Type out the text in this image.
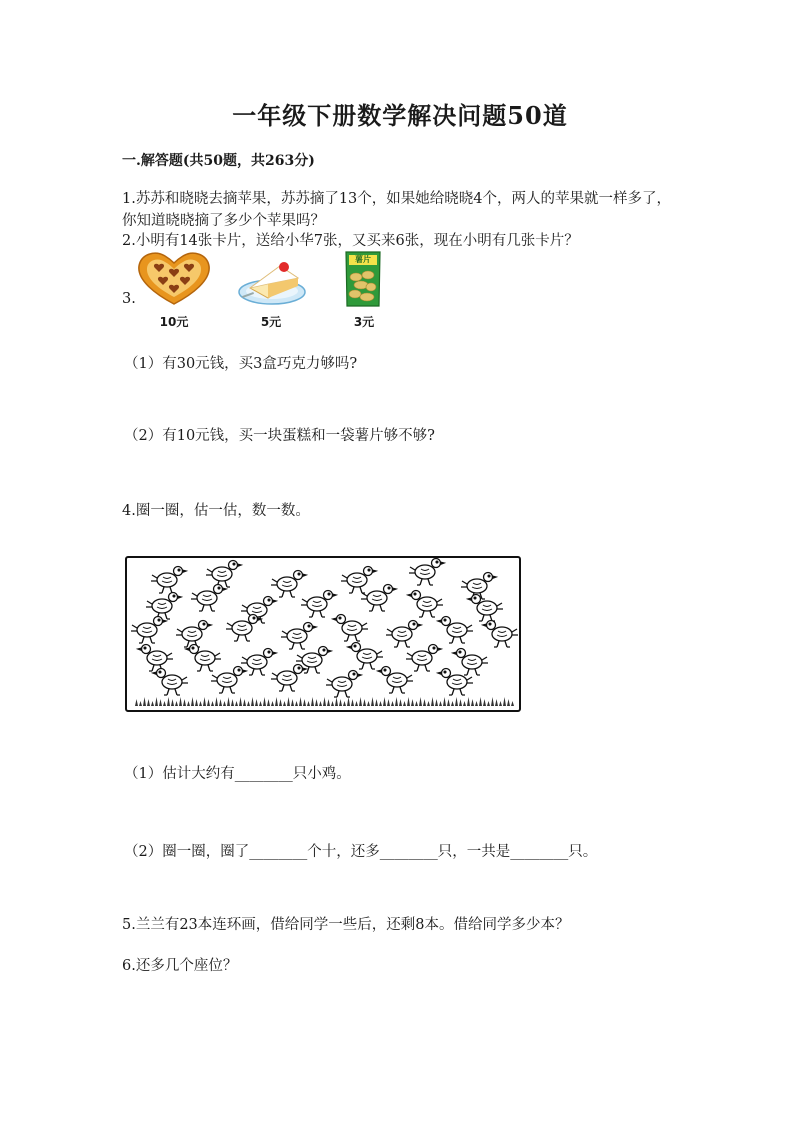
一年级下册数学解决问题50道
一.解答题(共50题，共263分)
1.苏苏和晓晓去摘苹果，苏苏摘了13个，如果她给晓晓4个，两人的苹果就一样多了，你知道晓晓摘了多少个苹果吗？
2.小明有14张卡片，送给小华7张，又买来6张，现在小明有几张卡片？
3.
10元	5元
薯片
3元
（1）有30元钱，买3盒巧克力够吗?
（2）有10元钱，买一块蛋糕和一袋薯片够不够?
4.圈一圈，估一估，数一数。
（1）估计大约有________只小鸡。
（2）圈一圈，圈了________个十，还多________只，一共是________只。
5.兰兰有23本连环画，借给同学一些后，还剩8本。借给同学多少本？
6.还多几个座位？
